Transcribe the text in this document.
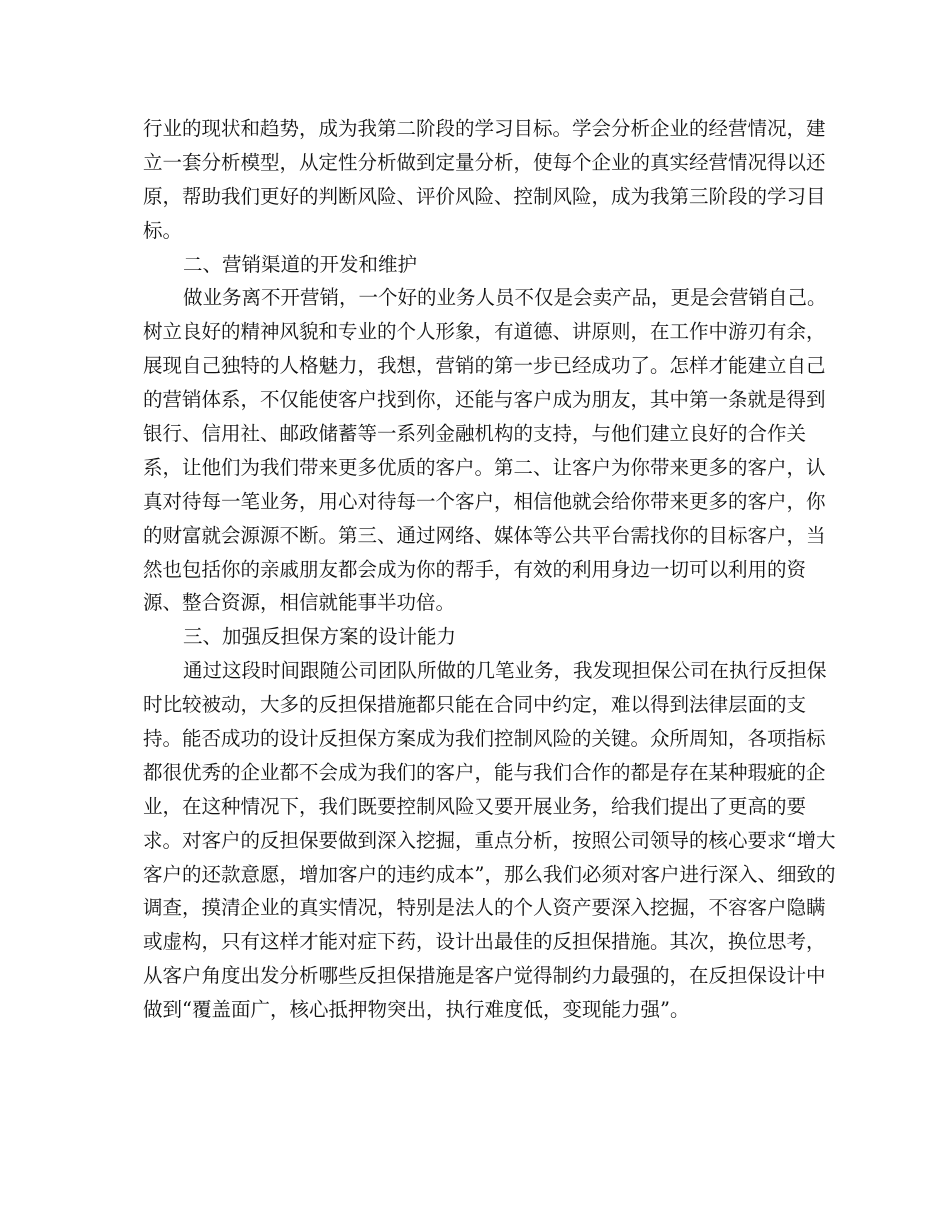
行业的现状和趋势，成为我第二阶段的学习目标。学会分析企业的经营情况，建
立一套分析模型，从定性分析做到定量分析，使每个企业的真实经营情况得以还
原，帮助我们更好的判断风险、评价风险、控制风险，成为我第三阶段的学习目
标。
二、营销渠道的开发和维护
做业务离不开营销，一个好的业务人员不仅是会卖产品，更是会营销自己。
树立良好的精神风貌和专业的个人形象，有道德、讲原则，在工作中游刃有余，
展现自己独特的人格魅力，我想，营销的第一步已经成功了。怎样才能建立自己
的营销体系，不仅能使客户找到你，还能与客户成为朋友，其中第一条就是得到
银行、信用社、邮政储蓄等一系列金融机构的支持，与他们建立良好的合作关
系，让他们为我们带来更多优质的客户。第二、让客户为你带来更多的客户，认
真对待每一笔业务，用心对待每一个客户，相信他就会给你带来更多的客户，你
的财富就会源源不断。第三、通过网络、媒体等公共平台需找你的目标客户，当
然也包括你的亲戚朋友都会成为你的帮手，有效的利用身边一切可以利用的资
源、整合资源，相信就能事半功倍。
三、加强反担保方案的设计能力
通过这段时间跟随公司团队所做的几笔业务，我发现担保公司在执行反担保
时比较被动，大多的反担保措施都只能在合同中约定，难以得到法律层面的支
持。能否成功的设计反担保方案成为我们控制风险的关键。众所周知，各项指标
都很优秀的企业都不会成为我们的客户，能与我们合作的都是存在某种瑕疵的企
业，在这种情况下，我们既要控制风险又要开展业务，给我们提出了更高的要
求。对客户的反担保要做到深入挖掘，重点分析，按照公司领导的核心要求“增大
客户的还款意愿，增加客户的违约成本”，那么我们必须对客户进行深入、细致的
调查，摸清企业的真实情况，特别是法人的个人资产要深入挖掘，不容客户隐瞒
或虚构，只有这样才能对症下药，设计出最佳的反担保措施。其次，换位思考，
从客户角度出发分析哪些反担保措施是客户觉得制约力最强的，在反担保设计中
做到“覆盖面广，核心抵押物突出，执行难度低，变现能力强”。
